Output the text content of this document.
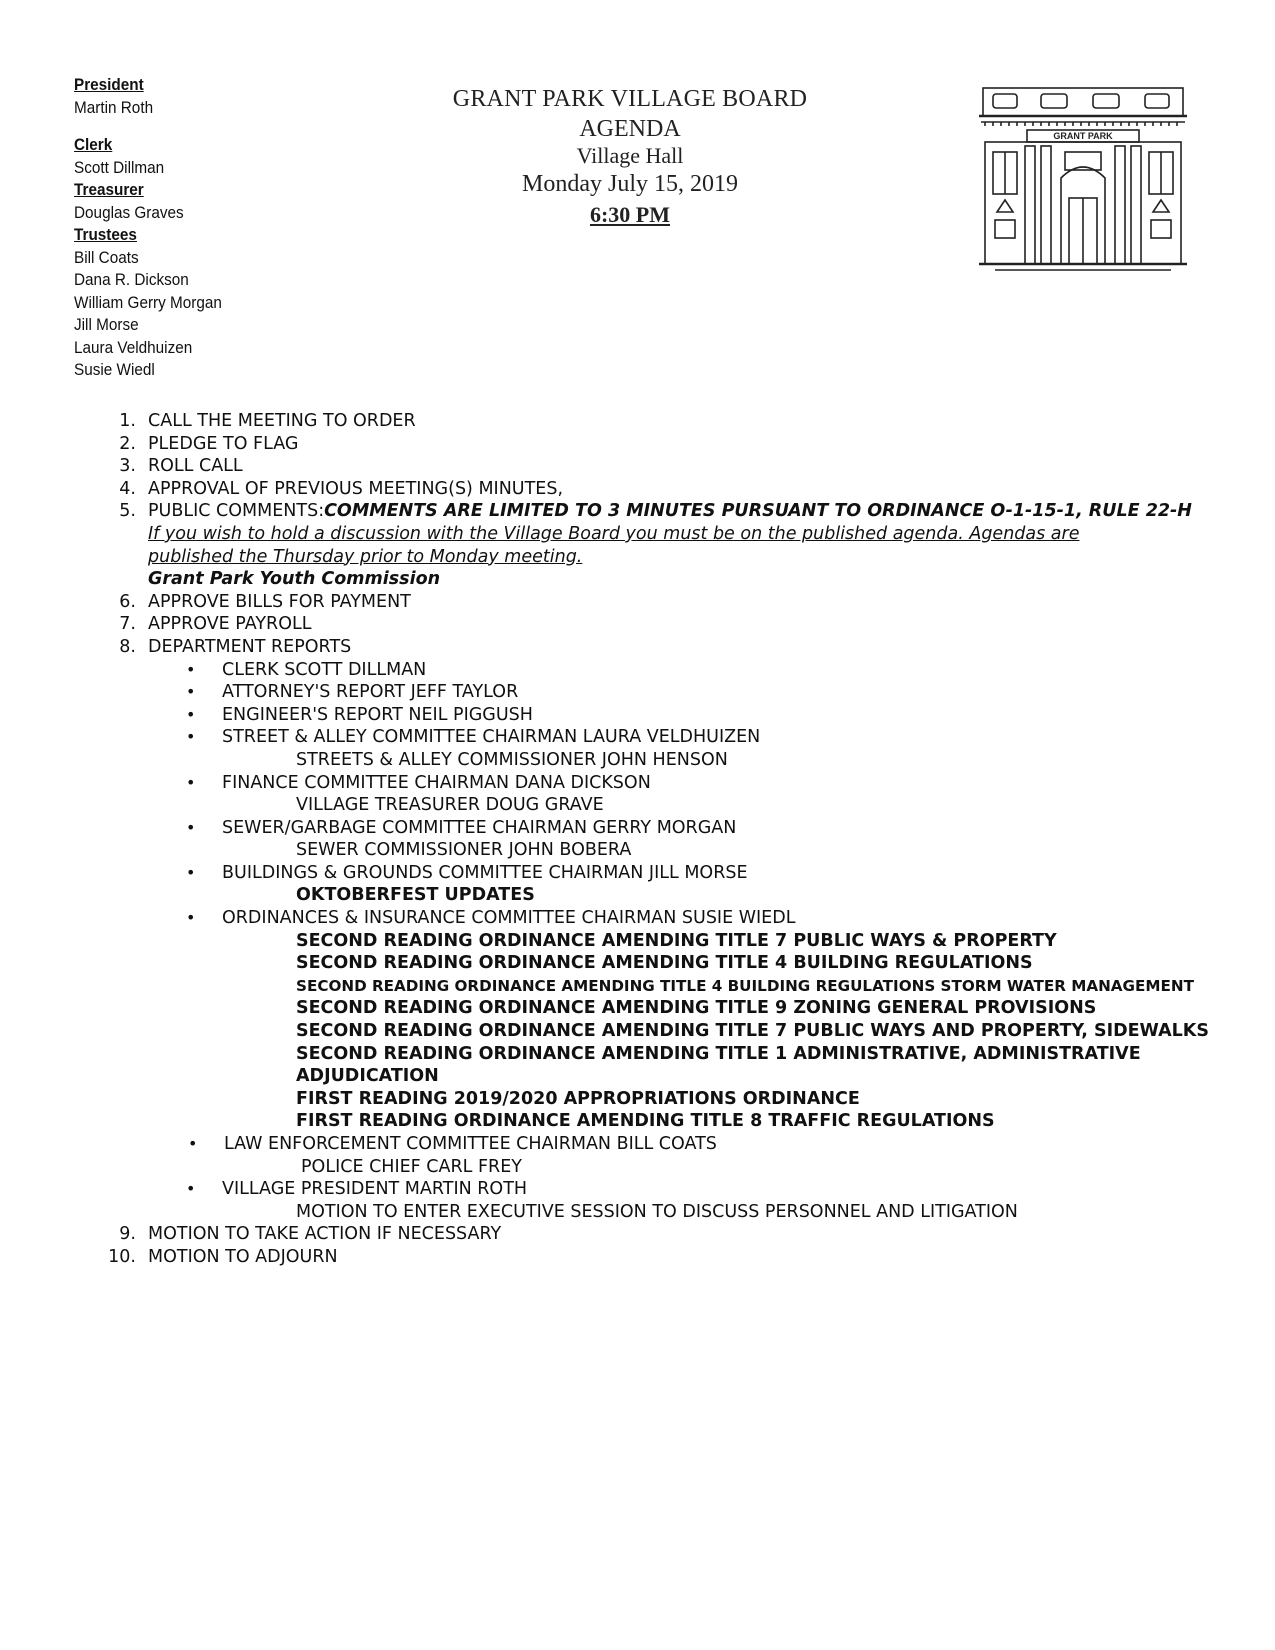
President
Martin Roth
Clerk
Scott Dillman
Treasurer
Douglas Graves
Trustees
Bill Coats
Dana R. Dickson
William Gerry Morgan
Jill Morse
Laura Veldhuizen
Susie Wiedl
GRANT PARK VILLAGE BOARD
AGENDA
Village Hall
Monday July 15, 2019
6:30 PM
GRANT PARK
1. CALL THE MEETING TO ORDER
2. PLEDGE TO FLAG
3. ROLL CALL
4. APPROVAL OF PREVIOUS MEETING(S) MINUTES,
5. PUBLIC COMMENTS:COMMENTS ARE LIMITED TO 3 MINUTES PURSUANT TO ORDINANCE O-1-15-1, RULE 22-H
If you wish to hold a discussion with the Village Board you must be on the published agenda. Agendas are
published the Thursday prior to Monday meeting.
Grant Park Youth Commission
6. APPROVE BILLS FOR PAYMENT
7. APPROVE PAYROLL
8. DEPARTMENT REPORTS
• CLERK SCOTT DILLMAN
• ATTORNEY'S REPORT JEFF TAYLOR
• ENGINEER'S REPORT NEIL PIGGUSH
• STREET & ALLEY COMMITTEE CHAIRMAN LAURA VELDHUIZEN
STREETS & ALLEY COMMISSIONER JOHN HENSON
• FINANCE COMMITTEE CHAIRMAN DANA DICKSON
VILLAGE TREASURER DOUG GRAVE
• SEWER/GARBAGE COMMITTEE CHAIRMAN GERRY MORGAN
SEWER COMMISSIONER JOHN BOBERA
• BUILDINGS & GROUNDS COMMITTEE CHAIRMAN JILL MORSE
OKTOBERFEST UPDATES
• ORDINANCES & INSURANCE COMMITTEE CHAIRMAN SUSIE WIEDL
SECOND READING ORDINANCE AMENDING TITLE 7 PUBLIC WAYS & PROPERTY
SECOND READING ORDINANCE AMENDING TITLE 4 BUILDING REGULATIONS
SECOND READING ORDINANCE AMENDING TITLE 4 BUILDING REGULATIONS STORM WATER MANAGEMENT
SECOND READING ORDINANCE AMENDING TITLE 9 ZONING GENERAL PROVISIONS
SECOND READING ORDINANCE AMENDING TITLE 7 PUBLIC WAYS AND PROPERTY, SIDEWALKS
SECOND READING ORDINANCE AMENDING TITLE 1 ADMINISTRATIVE, ADMINISTRATIVE
ADJUDICATION
FIRST READING 2019/2020 APPROPRIATIONS ORDINANCE
FIRST READING ORDINANCE AMENDING TITLE 8 TRAFFIC REGULATIONS
• LAW ENFORCEMENT COMMITTEE CHAIRMAN BILL COATS
POLICE CHIEF CARL FREY
• VILLAGE PRESIDENT MARTIN ROTH
MOTION TO ENTER EXECUTIVE SESSION TO DISCUSS PERSONNEL AND LITIGATION
9. MOTION TO TAKE ACTION IF NECESSARY
10. MOTION TO ADJOURN
